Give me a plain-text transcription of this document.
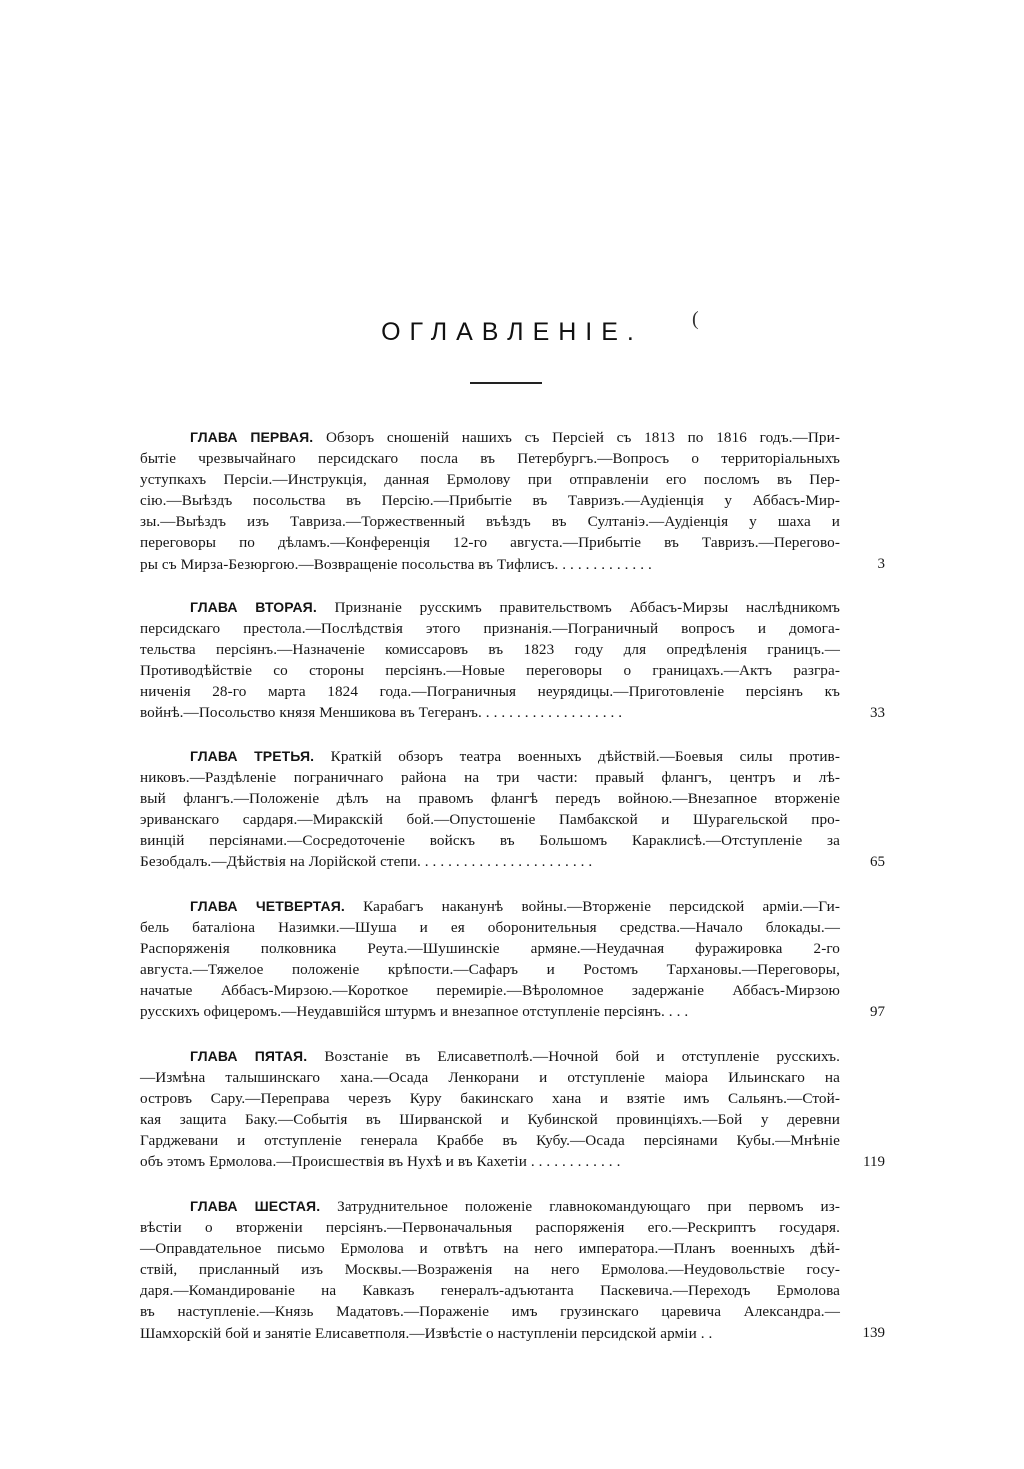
ОГЛАВЛЕНІЕ.	(
ГЛАВА ПЕРВАЯ. Обзоръ сношеній нашихъ съ Персіей съ 1813 по 1816 годъ.—При-
бытіе чрезвычайнаго персидскаго посла въ Петербургъ.—Вопросъ о территоріальныхъ
уступкахъ Персіи.—Инструкція, данная Ермолову при отправленіи его посломъ въ Пер-
сію.—Выѣздъ посольства въ Персію.—Прибытіе въ Тавризъ.—Аудіенція у Аббасъ-Мир-
зы.—Выѣздъ изъ Тавриза.—Торжественный въѣздъ въ Султаніэ.—Аудіенція у шаха и
переговоры по дѣламъ.—Конференція 12-го августа.—Прибытіе въ Тавризъ.—Перегово-
ры съ Мирза-Безюргою.—Возвращеніе посольства въ Тифлисъ. . . . . . . . . . . . .	3
ГЛАВА ВТОРАЯ. Признаніе русскимъ правительствомъ Аббасъ-Мирзы наслѣдникомъ
персидскаго престола.—Послѣдствія этого признанія.—Пограничный вопросъ и домога-
тельства персіянъ.—Назначеніе комиссаровъ въ 1823 году для опредѣленія границъ.—
Противодѣйствіе со стороны персіянъ.—Новые переговоры о границахъ.—Актъ разгра-
ниченія 28-го марта 1824 года.—Пограничныя неурядицы.—Приготовленіе персіянъ къ
войнѣ.—Посольство князя Меншикова въ Тегеранъ. . . . . . . . . . . . . . . . . . .	33
ГЛАВА ТРЕТЬЯ. Краткій обзоръ театра военныхъ дѣйствій.—Боевыя силы против-
никовъ.—Раздѣленіе пограничнаго района на три части: правый флангъ, центръ и лѣ-
вый флангъ.—Положеніе дѣлъ на правомъ флангѣ передъ войною.—Внезапное вторженіе
эриванскаго сардаря.—Миракскій бой.—Опустошеніе Памбакской и Шурагельской про-
винцій персіянами.—Сосредоточеніе войскъ въ Большомъ Караклисѣ.—Отступленіе за
Безобдалъ.—Дѣйствія на Лорійской степи. . . . . . . . . . . . . . . . . . . . . . .	65
ГЛАВА ЧЕТВЕРТАЯ. Карабагъ наканунѣ войны.—Вторженіе персидской арміи.—Ги-
бель баталіона Назимки.—Шуша и ея оборонительныя средства.—Начало блокады.—
Распоряженія полковника Реута.—Шушинскіе армяне.—Неудачная фуражировка 2-го
августа.—Тяжелое положеніе крѣпости.—Сафаръ и Ростомъ Тархановы.—Переговоры,
начатые Аббасъ-Мирзою.—Короткое перемиріе.—Вѣроломное задержаніе Аббасъ-Мирзою
русскихъ офицеромъ.—Неудавшійся штурмъ и внезапное отступленіе персіянъ. . . .	97
ГЛАВА ПЯТАЯ. Возстаніе въ Елисаветполѣ.—Ночной бой и отступленіе русскихъ.
—Измѣна талышинскаго хана.—Осада Ленкорани и отступленіе маіора Ильинскаго на
островъ Сару.—Переправа черезъ Куру бакинскаго хана и взятіе имъ Сальянъ.—Стой-
кая защита Баку.—Событія въ Ширванской и Кубинской провинціяхъ.—Бой у деревни
Гарджевани и отступленіе генерала Краббе въ Кубу.—Осада персіянами Кубы.—Мнѣніе
объ этомъ Ермолова.—Происшествія въ Нухѣ и въ Кахетіи . . . . . . . . . . . .	119
ГЛАВА ШЕСТАЯ. Затруднительное положеніе главнокомандующаго при первомъ из-
вѣстіи о вторженіи персіянъ.—Первоначальныя распоряженія его.—Рескриптъ государя.
—Оправдательное письмо Ермолова и отвѣтъ на него императора.—Планъ военныхъ дѣй-
ствій, присланный изъ Москвы.—Возраженія на него Ермолова.—Неудовольствіе госу-
даря.—Командированіе на Кавказъ генералъ-адъютанта Паскевича.—Переходъ Ермолова
въ наступленіе.—Князь Мадатовъ.—Пораженіе имъ грузинскаго царевича Александра.—
Шамхорскій бой и занятіе Елисаветполя.—Извѣстіе о наступленіи персидской арміи . .	139
